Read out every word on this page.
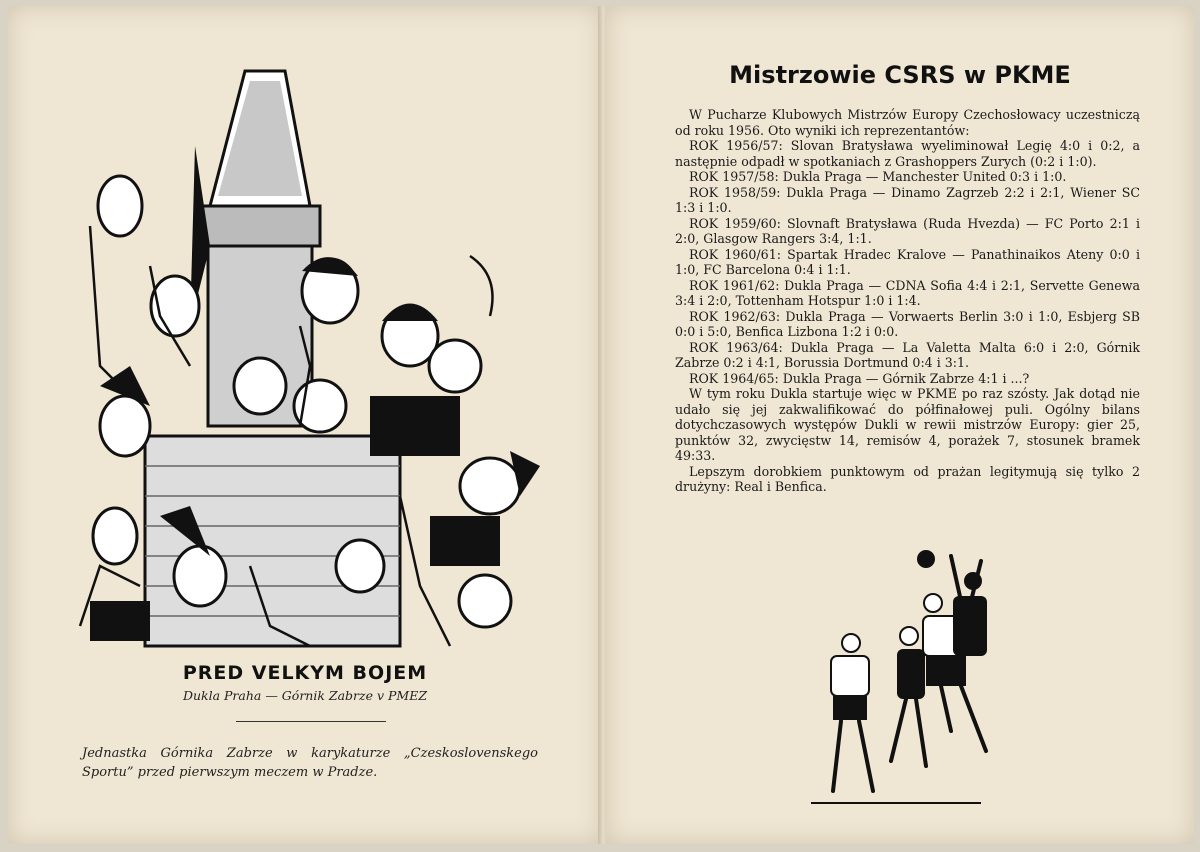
PRED VELKYM BOJEM
Dukla Praha — Górnik Zabrze v PMEZ
Jednastka Górnika Zabrze w karykaturze „Czeskoslovenskego Sportu” przed pierwszym meczem w Pradze.
Mistrzowie CSRS w PKME

W Pucharze Klubowych Mistrzów Europy Czechosłowacy uczestniczą od roku 1956. Oto wyniki ich reprezentantów:

ROK 1956/57: Slovan Bratysława wyeliminował Legię 4:0 i 0:2, a następnie odpadł w spotkaniach z Grashoppers Zurych (0:2 i 1:0).

ROK 1957/58: Dukla Praga — Manchester United 0:3 i 1:0.

ROK 1958/59: Dukla Praga — Dinamo Zagrzeb 2:2 i 2:1, Wiener SC 1:3 i 1:0.

ROK 1959/60: Slovnaft Bratysława (Ruda Hvezda) — FC Porto 2:1 i 2:0, Glasgow Rangers 3:4, 1:1.

ROK 1960/61: Spartak Hradec Kralove — Panathinaikos Ateny 0:0 i 1:0, FC Barcelona 0:4 i 1:1.

ROK 1961/62: Dukla Praga — CDNA Sofia 4:4 i 2:1, Servette Genewa 3:4 i 2:0, Tottenham Hotspur 1:0 i 1:4.

ROK 1962/63: Dukla Praga — Vorwaerts Berlin 3:0 i 1:0, Esbjerg SB 0:0 i 5:0, Benfica Lizbona 1:2 i 0:0.

ROK 1963/64: Dukla Praga — La Valetta Malta 6:0 i 2:0, Górnik Zabrze 0:2 i 4:1, Borussia Dortmund 0:4 i 3:1.

ROK 1964/65: Dukla Praga — Górnik Zabrze 4:1 i ...?

W tym roku Dukla startuje więc w PKME po raz szósty. Jak dotąd nie udało się jej zakwalifikować do półfinałowej puli. Ogólny bilans dotychczasowych występów Dukli w rewii mistrzów Europy: gier 25, punktów 32, zwycięstw 14, remisów 4, porażek 7, stosunek bramek 49:33.

Lepszym dorobkiem punktowym od prażan legitymują się tylko 2 drużyny: Real i Benfica.
